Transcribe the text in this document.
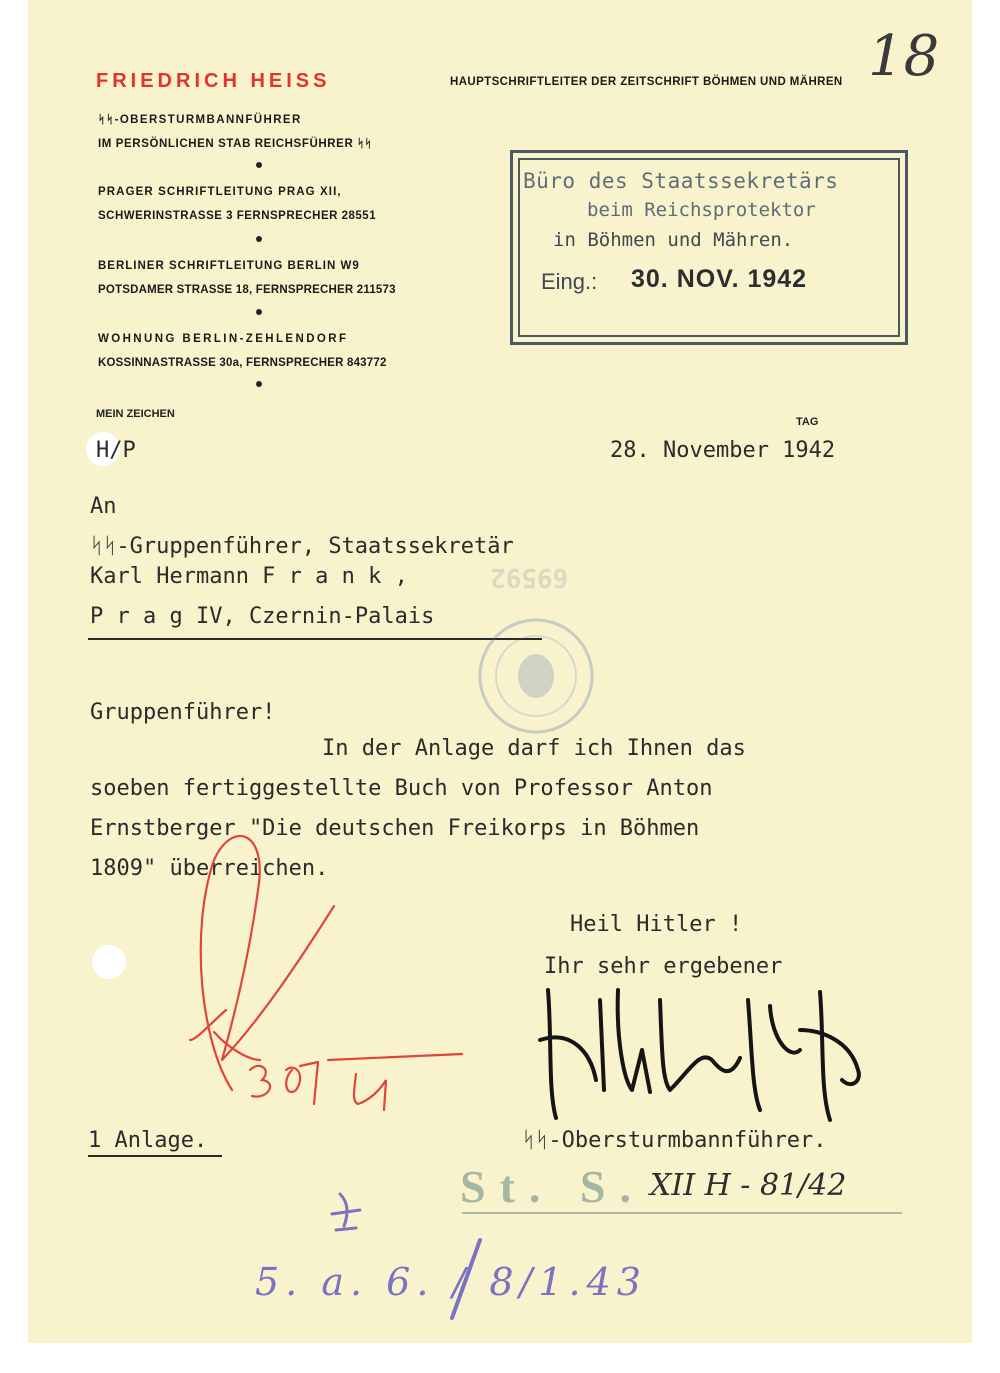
18
FRIEDRICH HEISS	HAUPTSCHRIFTLEITER DER ZEITSCHRIFT BÖHMEN UND MÄHREN
ᛋᛋ-OBERSTURMBANNFÜHRER
IM PERSÖNLICHEN STAB REICHSFÜHRER ᛋᛋ
PRAGER SCHRIFTLEITUNG PRAG XII,
SCHWERINSTRASSE 3 FERNSPRECHER 28551
BERLINER SCHRIFTLEITUNG BERLIN W9
POTSDAMER STRASSE 18, FERNSPRECHER 211573
WOHNUNG BERLIN-ZEHLENDORF
KOSSINNASTRASSE 30a, FERNSPRECHER 843772
MEIN ZEICHEN
TAG
Büro des Staatssekretärs
beim Reichsprotektor
in Böhmen und Mähren.
Eing.: 30. NOV. 1942
H/P	28. November 1942
An
ᛋᛋ-Gruppenführer, Staatssekretär
Karl Hermann F r a n k ,
P r a g IV, Czernin-Palais
69592
Gruppenführer!
In der Anlage darf ich Ihnen das
soeben fertiggestellte Buch von Professor Anton
Ernstberger "Die deutschen Freikorps in Böhmen
1809" überreichen.
Heil Hitler !
Ihr sehr ergebener
ᛋᛋ-Obersturmbannführer.
1 Anlage.
St. S. XII H - 81/42
5. a. 6. / 8/1.43
